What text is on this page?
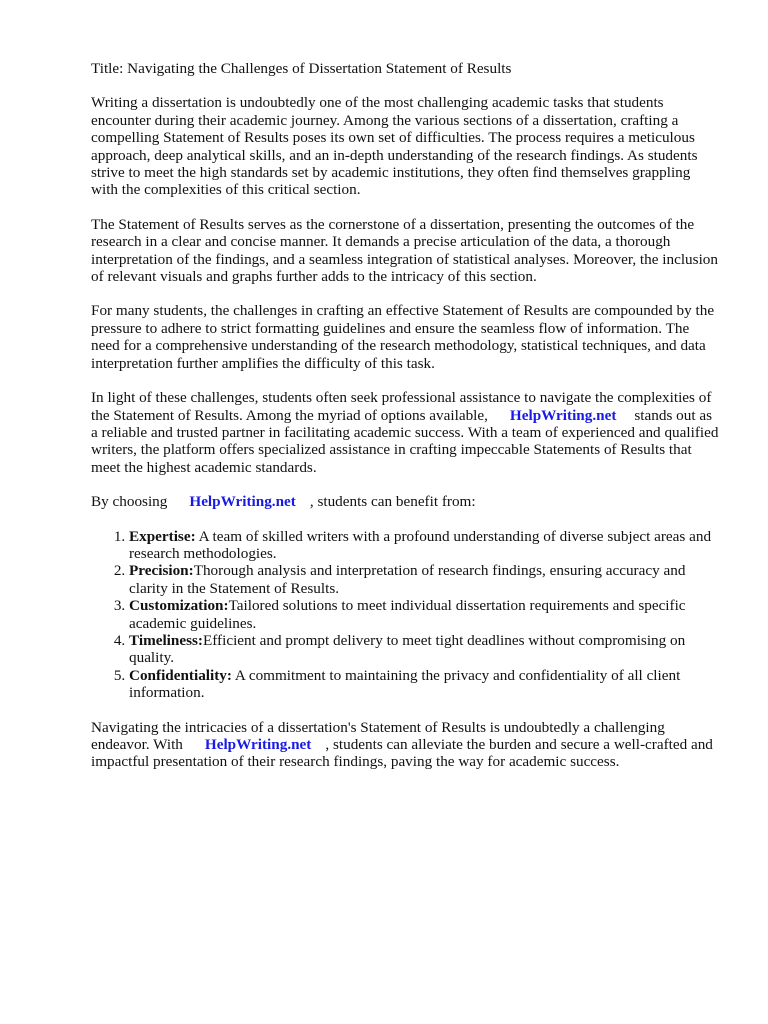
Title: Navigating the Challenges of Dissertation Statement of Results

Writing a dissertation is undoubtedly one of the most challenging academic tasks that students encounter during their academic journey. Among the various sections of a dissertation, crafting a compelling Statement of Results poses its own set of difficulties. The process requires a meticulous approach, deep analytical skills, and an in-depth understanding of the research findings. As students strive to meet the high standards set by academic institutions, they often find themselves grappling with the complexities of this critical section.

The Statement of Results serves as the cornerstone of a dissertation, presenting the outcomes of the research in a clear and concise manner. It demands a precise articulation of the data, a thorough interpretation of the findings, and a seamless integration of statistical analyses. Moreover, the inclusion of relevant visuals and graphs further adds to the intricacy of this section.

For many students, the challenges in crafting an effective Statement of Results are compounded by the pressure to adhere to strict formatting guidelines and ensure the seamless flow of information. The need for a comprehensive understanding of the research methodology, statistical techniques, and data interpretation further amplifies the difficulty of this task.

In light of these challenges, students often seek professional assistance to navigate the complexities of the Statement of Results. Among the myriad of options available, HelpWriting.net stands out as a reliable and trusted partner in facilitating academic success. With a team of experienced and qualified writers, the platform offers specialized assistance in crafting impeccable Statements of Results that meet the highest academic standards.

By choosing HelpWriting.net , students can benefit from:

1. Expertise: A team of skilled writers with a profound understanding of diverse subject areas and research methodologies.
2. Precision:Thorough analysis and interpretation of research findings, ensuring accuracy and clarity in the Statement of Results.
3. Customization:Tailored solutions to meet individual dissertation requirements and specific academic guidelines.
4. Timeliness:Efficient and prompt delivery to meet tight deadlines without compromising on quality.
5. Confidentiality: A commitment to maintaining the privacy and confidentiality of all client information.

Navigating the intricacies of a dissertation's Statement of Results is undoubtedly a challenging endeavor. With HelpWriting.net , students can alleviate the burden and secure a well-crafted and impactful presentation of their research findings, paving the way for academic success.
